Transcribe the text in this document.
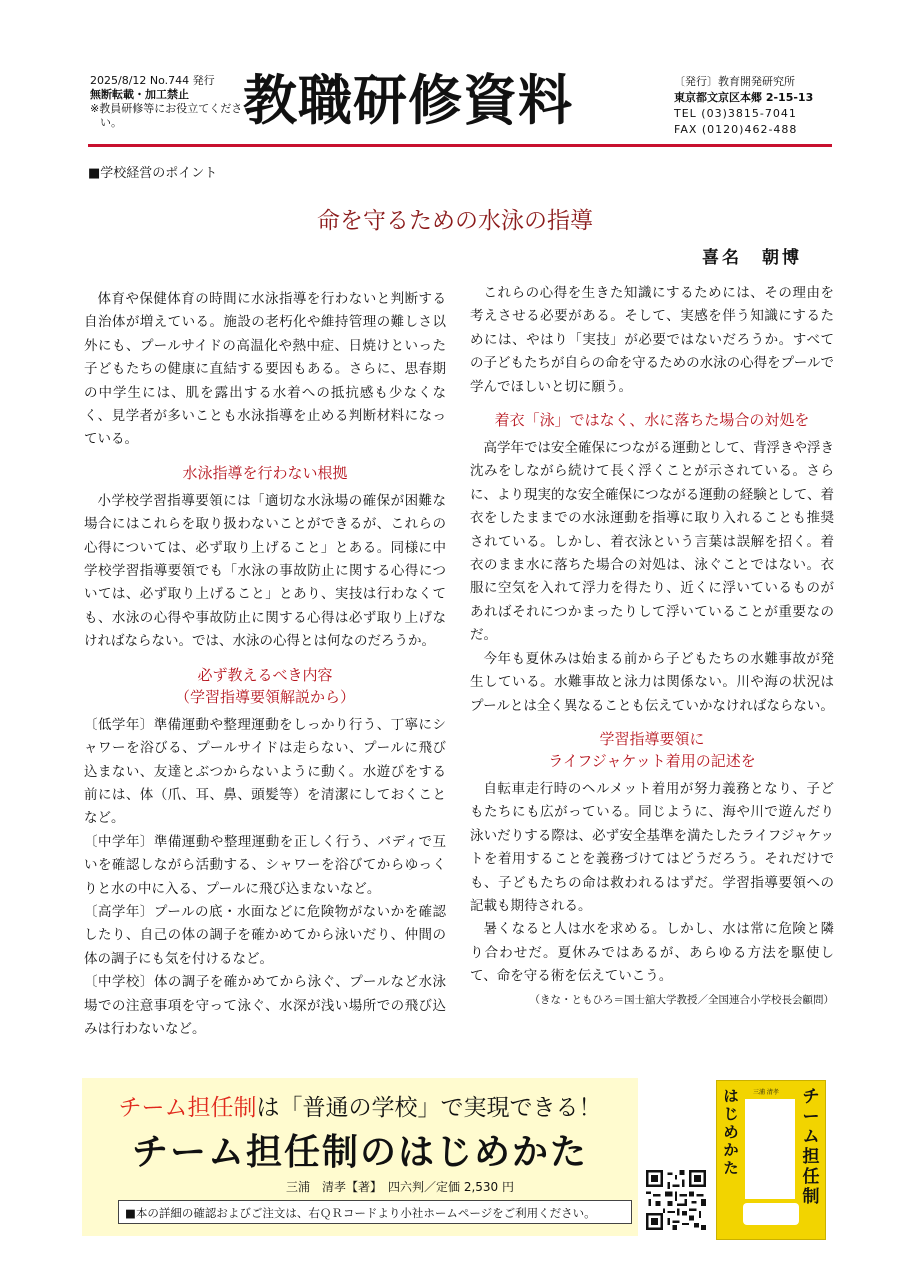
2025/8/12 No.744 発行
無断転載・加工禁止
※教員研修等にお役立てください。	教職研修資料	〔発行〕教育開発研究所
東京都文京区本郷 2-15-13
TEL (03)3815-7041
FAX (0120)462-488
■学校経営のポイント
命を守るための水泳の指導
喜名　朝博

体育や保健体育の時間に水泳指導を行わないと判断する自治体が増えている。施設の老朽化や維持管理の難しさ以外にも、プールサイドの高温化や熱中症、日焼けといった子どもたちの健康に直結する要因もある。さらに、思春期の中学生には、肌を露出する水着への抵抗感も少なくなく、見学者が多いことも水泳指導を止める判断材料になっている。

水泳指導を行わない根拠

小学校学習指導要領には「適切な水泳場の確保が困難な場合にはこれらを取り扱わないことができるが、これらの心得については、必ず取り上げること」とある。同様に中学校学習指導要領でも「水泳の事故防止に関する心得については、必ず取り上げること」とあり、実技は行わなくても、水泳の心得や事故防止に関する心得は必ず取り上げなければならない。では、水泳の心得とは何なのだろうか。

必ず教えるべき内容
（学習指導要領解説から）

〔低学年〕準備運動や整理運動をしっかり行う、丁寧にシャワーを浴びる、プールサイドは走らない、プールに飛び込まない、友達とぶつからないように動く。水遊びをする前には、体（爪、耳、鼻、頭髪等）を清潔にしておくことなど。

〔中学年〕準備運動や整理運動を正しく行う、バディで互いを確認しながら活動する、シャワーを浴びてからゆっくりと水の中に入る、プールに飛び込まないなど。

〔高学年〕プールの底・水面などに危険物がないかを確認したり、自己の体の調子を確かめてから泳いだり、仲間の体の調子にも気を付けるなど。

〔中学校〕体の調子を確かめてから泳ぐ、プールなど水泳場での注意事項を守って泳ぐ、水深が浅い場所での飛び込みは行わないなど。

これらの心得を生きた知識にするためには、その理由を考えさせる必要がある。そして、実感を伴う知識にするためには、やはり「実技」が必要ではないだろうか。すべての子どもたちが自らの命を守るための水泳の心得をプールで学んでほしいと切に願う。

着衣「泳」ではなく、水に落ちた場合の対処を

高学年では安全確保につながる運動として、背浮きや浮き沈みをしながら続けて長く浮くことが示されている。さらに、より現実的な安全確保につながる運動の経験として、着衣をしたままでの水泳運動を指導に取り入れることも推奨されている。しかし、着衣泳という言葉は誤解を招く。着衣のまま水に落ちた場合の対処は、泳ぐことではない。衣服に空気を入れて浮力を得たり、近くに浮いているものがあればそれにつかまったりして浮いていることが重要なのだ。

今年も夏休みは始まる前から子どもたちの水難事故が発生している。水難事故と泳力は関係ない。川や海の状況はプールとは全く異なることも伝えていかなければならない。

学習指導要領に
ライフジャケット着用の記述を

自転車走行時のヘルメット着用が努力義務となり、子どもたちにも広がっている。同じように、海や川で遊んだり泳いだりする際は、必ず安全基準を満たしたライフジャケットを着用することを義務づけてはどうだろう。それだけでも、子どもたちの命は救われるはずだ。学習指導要領への記載も期待される。

暑くなると人は水を求める。しかし、水は常に危険と隣り合わせだ。夏休みではあるが、あらゆる方法を駆使して、命を守る術を伝えていこう。

（きな・ともひろ＝国士舘大学教授／全国連合小学校長会顧問）

チーム担任制は「普通の学校」で実現できる！
チーム担任制のはじめかた
三浦　清孝【著】　四六判／定価 2,530 円
■本の詳細の確認およびご注文は、右ＱＲコードより小社ホームページをご利用ください。
チーム担任制
はじめかた
三浦 清孝
